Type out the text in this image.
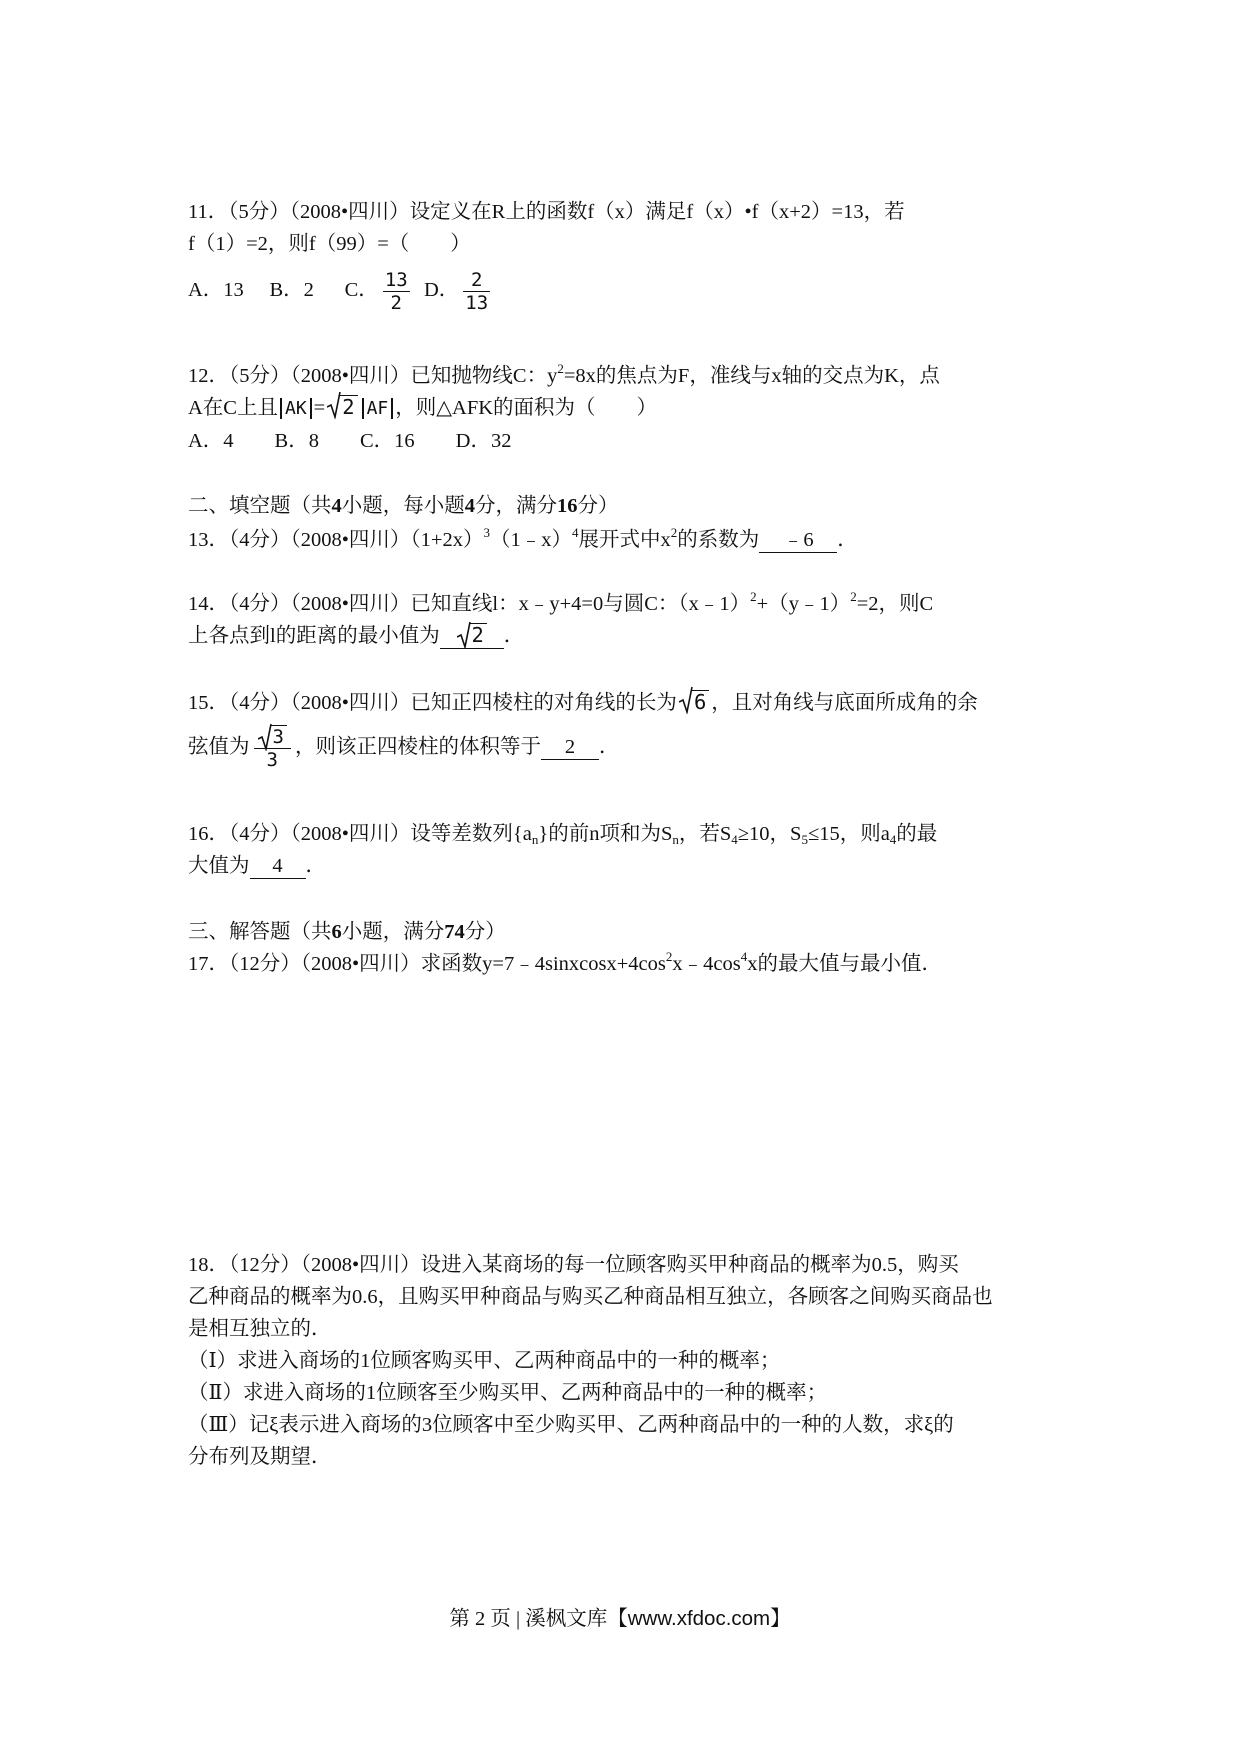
11．（5分）（2008•四川）设定义在R上的函数f（x）满足f（x）•f（x+2）=13，若
f（1）=2，则f（99）=（　　）
A．13 B．2 C． $\frac{13}{2}$ D． $\frac{2}{13}$
12．（5分）（2008•四川）已知抛物线C：$y^2=8x$的焦点为F，准线与x轴的交点为K，点
A在C上且 AK = 2 AF ，则△AFK的面积为（　　）
A．4　　B．8　　C．16　　D．32
二、填空题（共4小题，每小题4分，满分16分）
13．（4分）（2008•四川）$(1+2x)^3(1﹣x)^4$展开式中$x^2$的系数为 ﹣6 ．
14．（4分）（2008•四川）已知直线l：x﹣y+4=0与圆C：（x﹣1）$^2$+（y﹣1）$^2$=2，则C
上各点到l的距离的最小值为 2 ．
15．（4分）（2008•四川）已知正四棱柱的对角线的长为 6 ，且对角线与底面所成角的余
弦值为 $\frac{3}{3}$ ，则该正四棱柱的体积等于 2 ．
16．（4分）（2008•四川）设等差数列$\{a_n\}$的前n项和为$S_n$，若$S_4\ge 10$，$S_5\le 15$，则$a_4$的最
大值为 4 ．
三、解答题（共6小题，满分74分）
17．（12分）（2008•四川）求函数$y=7﹣4sinxcosx+4\cos^2x﹣4\cos^4x$的最大值与最小值．
18．（12分）（2008•四川）设进入某商场的每一位顾客购买甲种商品的概率为0.5，购买
乙种商品的概率为0.6，且购买甲种商品与购买乙种商品相互独立，各顾客之间购买商品也
是相互独立的．
（Ⅰ）求进入商场的1位顾客购买甲、乙两种商品中的一种的概率；
（Ⅱ）求进入商场的1位顾客至少购买甲、乙两种商品中的一种的概率；
（Ⅲ）记ξ表示进入商场的3位顾客中至少购买甲、乙两种商品中的一种的人数，求ξ的
分布列及期望．
第 2 页 | 溪枫文库【www.xfdoc.com】
